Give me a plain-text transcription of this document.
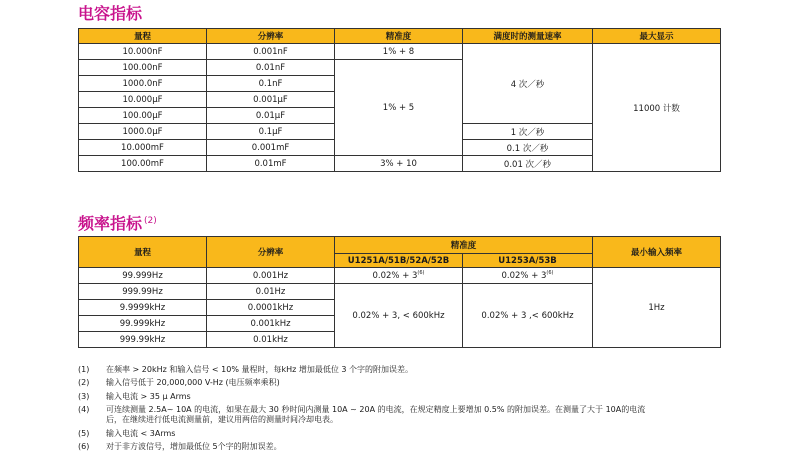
电容指标
量程	分辨率	精准度	满度时的测量速率	最大显示
10.000nF	0.001nF	1% + 8	4 次／秒	11000 计数
100.00nF	0.01nF	1% + 5		
1000.0nF	0.1nF			
10.000μF	0.001μF			
100.00μF	0.01μF			
1000.0μF	0.1μF		1 次／秒	
10.000mF	0.001mF		0.1 次／秒	
100.00mF	0.01mF	3% + 10	0.01 次／秒	
频率指标 $^{(2)}$
量程	分辨率	精准度		最小输入频率
		U1251A/51B/52A/52B	U1253A/53B	
99.999Hz	0.001Hz	$0.02\% + 3^{(6)}$	$0.02\% + 3^{(6)}$	1Hz
999.99Hz	0.01Hz	0.02% + 3, < 600kHz	0.02% + 3 ,< 600kHz	
9.9999kHz	0.0001kHz			
99.999kHz	0.001kHz			
999.99kHz	0.01kHz			
(1) 在频率 > 20kHz 和输入信号 < 10% 量程时，每kHz 增加最低位 3 个字的附加误差。
(2) 输入信号低于 20,000,000 V-Hz (电压频率乘积)
(3) 输入电流 > 35 μ Arms
(4) 可连续测量 2.5A~ 10A 的电流，如果在最大 30 秒时间内测量 10A ~ 20A 的电流，在规定精度上要增加 0.5% 的附加误差。在测量了大于 10A的电流
后，在继续进行低电流测量前，建议用两倍的测量时间冷却电表。
(5) 输入电流 < 3Arms
(6) 对于非方波信号，增加最低位 5个字的附加误差。
